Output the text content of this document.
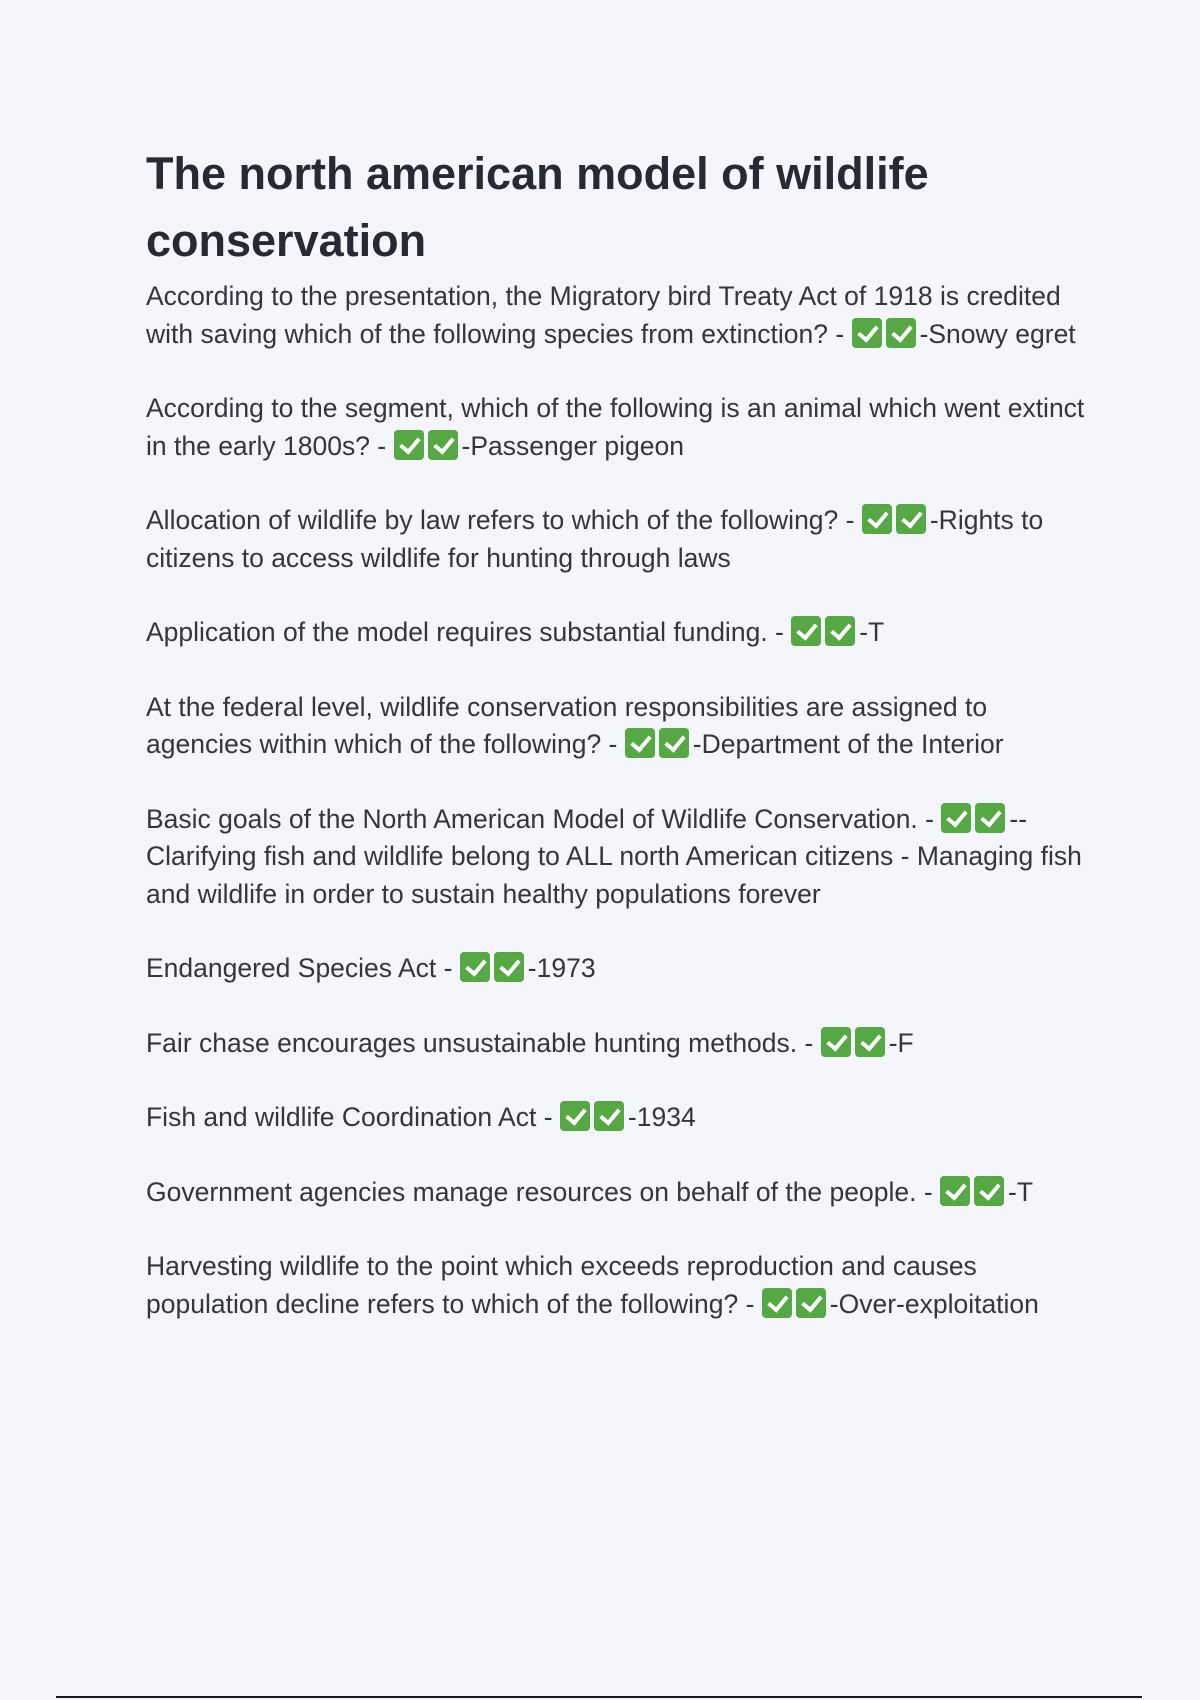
The north american model of wildlife conservation
According to the presentation, the Migratory bird Treaty Act of 1918 is credited with saving which of the following species from extinction? -	-Snowy egret
According to the segment, which of the following is an animal which went extinct in the early 1800s? -	-Passenger pigeon
Allocation of wildlife by law refers to which of the following? -	-Rights to citizens to access wildlife for hunting through laws
Application of the model requires substantial funding. -	-T
At the federal level, wildlife conservation responsibilities are assigned to agencies within which of the following? -	-Department of the Interior
Basic goals of the North American Model of Wildlife Conservation. -	-- Clarifying fish and wildlife belong to ALL north American citizens - Managing fish and wildlife in order to sustain healthy populations forever
Endangered Species Act -	-1973
Fair chase encourages unsustainable hunting methods. -	-F
Fish and wildlife Coordination Act -	-1934
Government agencies manage resources on behalf of the people. -	-T
Harvesting wildlife to the point which exceeds reproduction and causes population decline refers to which of the following? -	-Over-exploitation
